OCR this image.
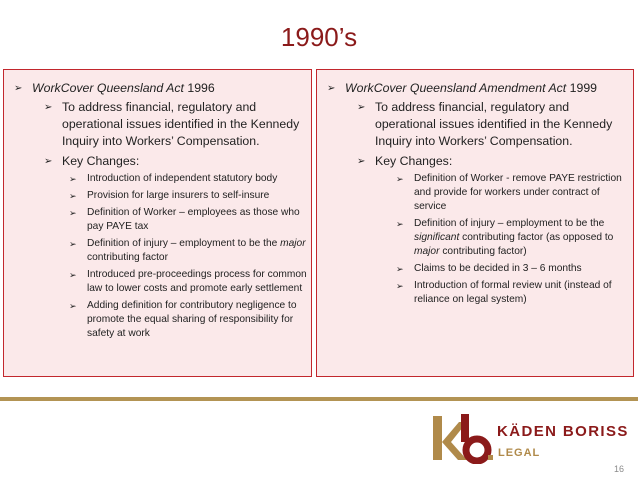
1990’s
➢ WorkCover Queensland Act 1996
➢ To address financial, regulatory and operational issues identified in the Kennedy Inquiry into Workers’ Compensation.
➢ Key Changes:
➢ Introduction of independent statutory body
➢ Provision for large insurers to self-insure
➢ Definition of Worker – employees as those who pay PAYE tax
➢ Definition of injury – employment to be the major contributing factor
➢ Introduced pre-proceedings process for common law to lower costs and promote early settlement
➢ Adding definition for contributory negligence to promote the equal sharing of responsibility for safety at work
➢ WorkCover Queensland Amendment Act 1999
➢ To address financial, regulatory and operational issues identified in the Kennedy Inquiry into Workers’ Compensation.
➢ Key Changes:
➢ Definition of Worker - remove PAYE restriction and provide for workers under contract of service
➢ Definition of injury – employment to be the significant contributing factor (as opposed to major contributing factor)
➢ Claims to be decided in 3 – 6 months
➢ Introduction of formal review unit (instead of reliance on legal system)
KÄDEN BORISS
LEGAL
16
